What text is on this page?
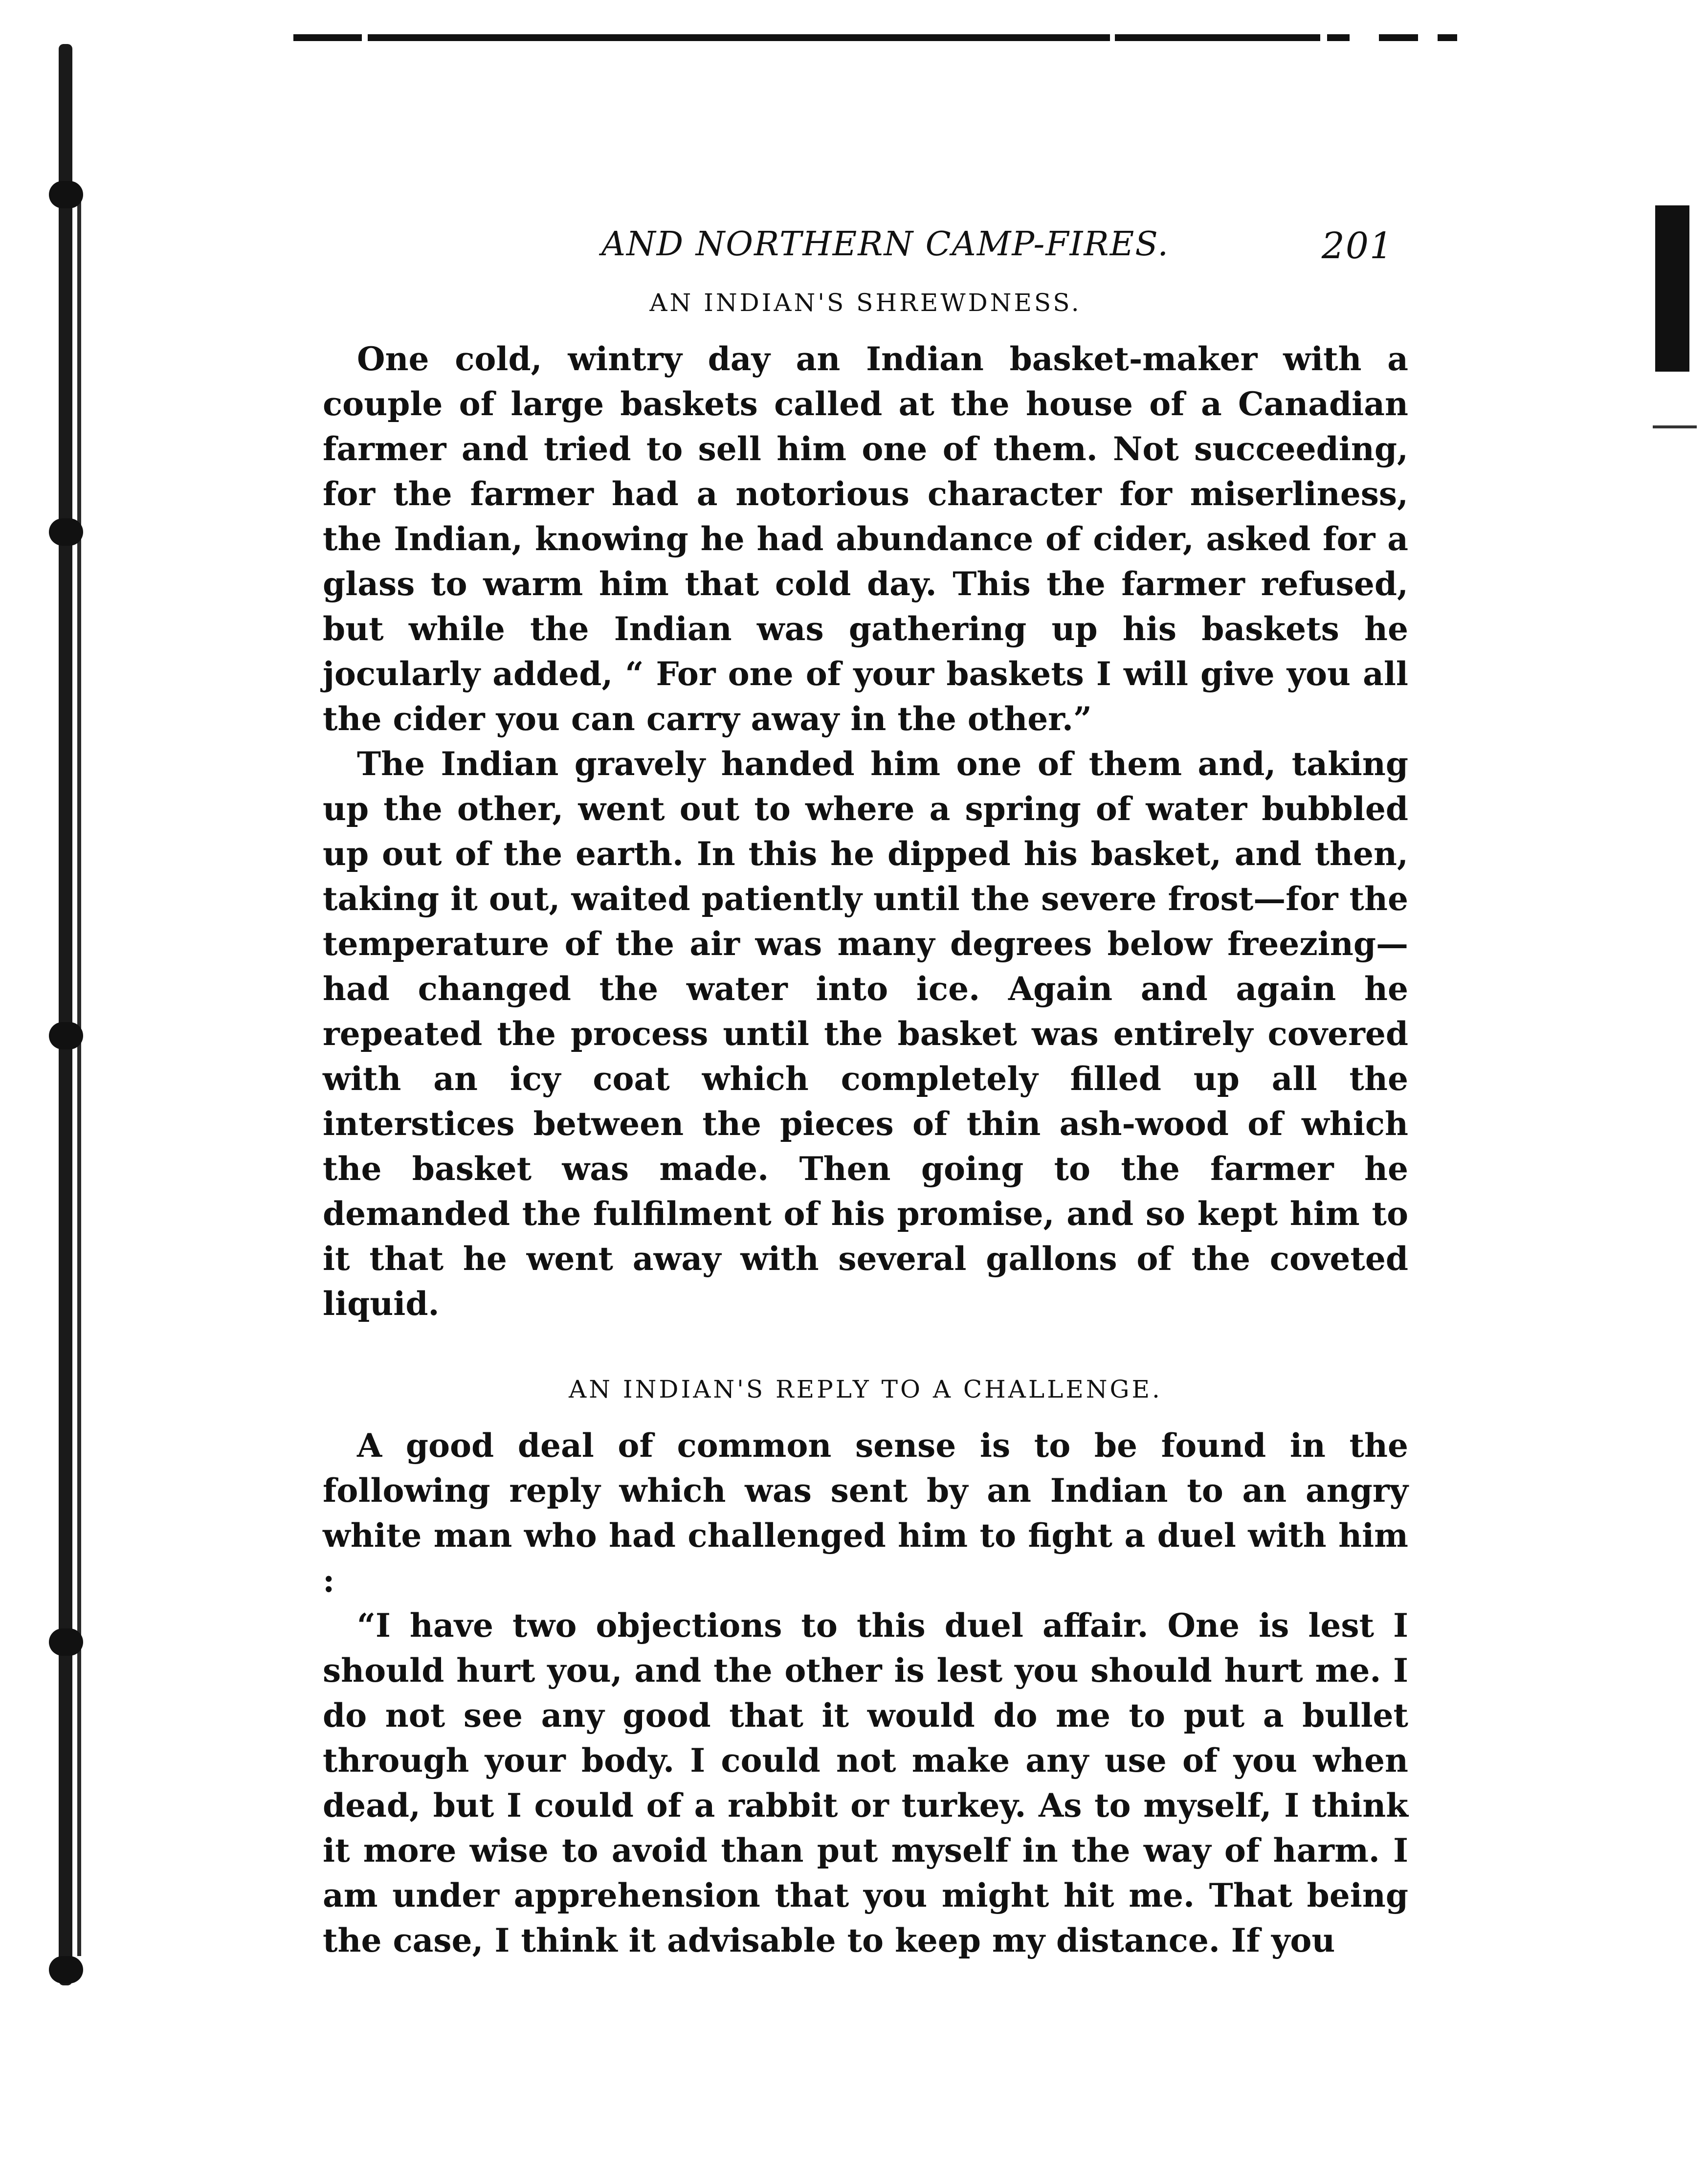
AND NORTHERN CAMP-FIRES.	201
AN INDIAN'S SHREWDNESS.

One cold, wintry day an Indian basket-maker with a couple of large baskets called at the house of a Canadian farmer and tried to sell him one of them. Not succeeding, for the farmer had a notorious character for miserliness, the Indian, knowing he had abundance of cider, asked for a glass to warm him that cold day. This the farmer refused, but while the Indian was gathering up his baskets he jocularly added, “ For one of your baskets I will give you all the cider you can carry away in the other.”

The Indian gravely handed him one of them and, taking up the other, went out to where a spring of water bubbled up out of the earth. In this he dipped his basket, and then, taking it out, waited patiently until the severe frost—for the temperature of the air was many degrees below freezing—had changed the water into ice. Again and again he repeated the process until the basket was entirely covered with an icy coat which completely filled up all the interstices between the pieces of thin ash-wood of which the basket was made. Then going to the farmer he demanded the fulfilment of his promise, and so kept him to it that he went away with several gallons of the coveted liquid.

AN INDIAN'S REPLY TO A CHALLENGE.

A good deal of common sense is to be found in the following reply which was sent by an Indian to an angry white man who had challenged him to fight a duel with him :

“I have two objections to this duel affair. One is lest I should hurt you, and the other is lest you should hurt me. I do not see any good that it would do me to put a bullet through your body. I could not make any use of you when dead, but I could of a rabbit or turkey. As to myself, I think it more wise to avoid than put myself in the way of harm. I am under apprehension that you might hit me. That being the case, I think it advisable to keep my distance. If you
